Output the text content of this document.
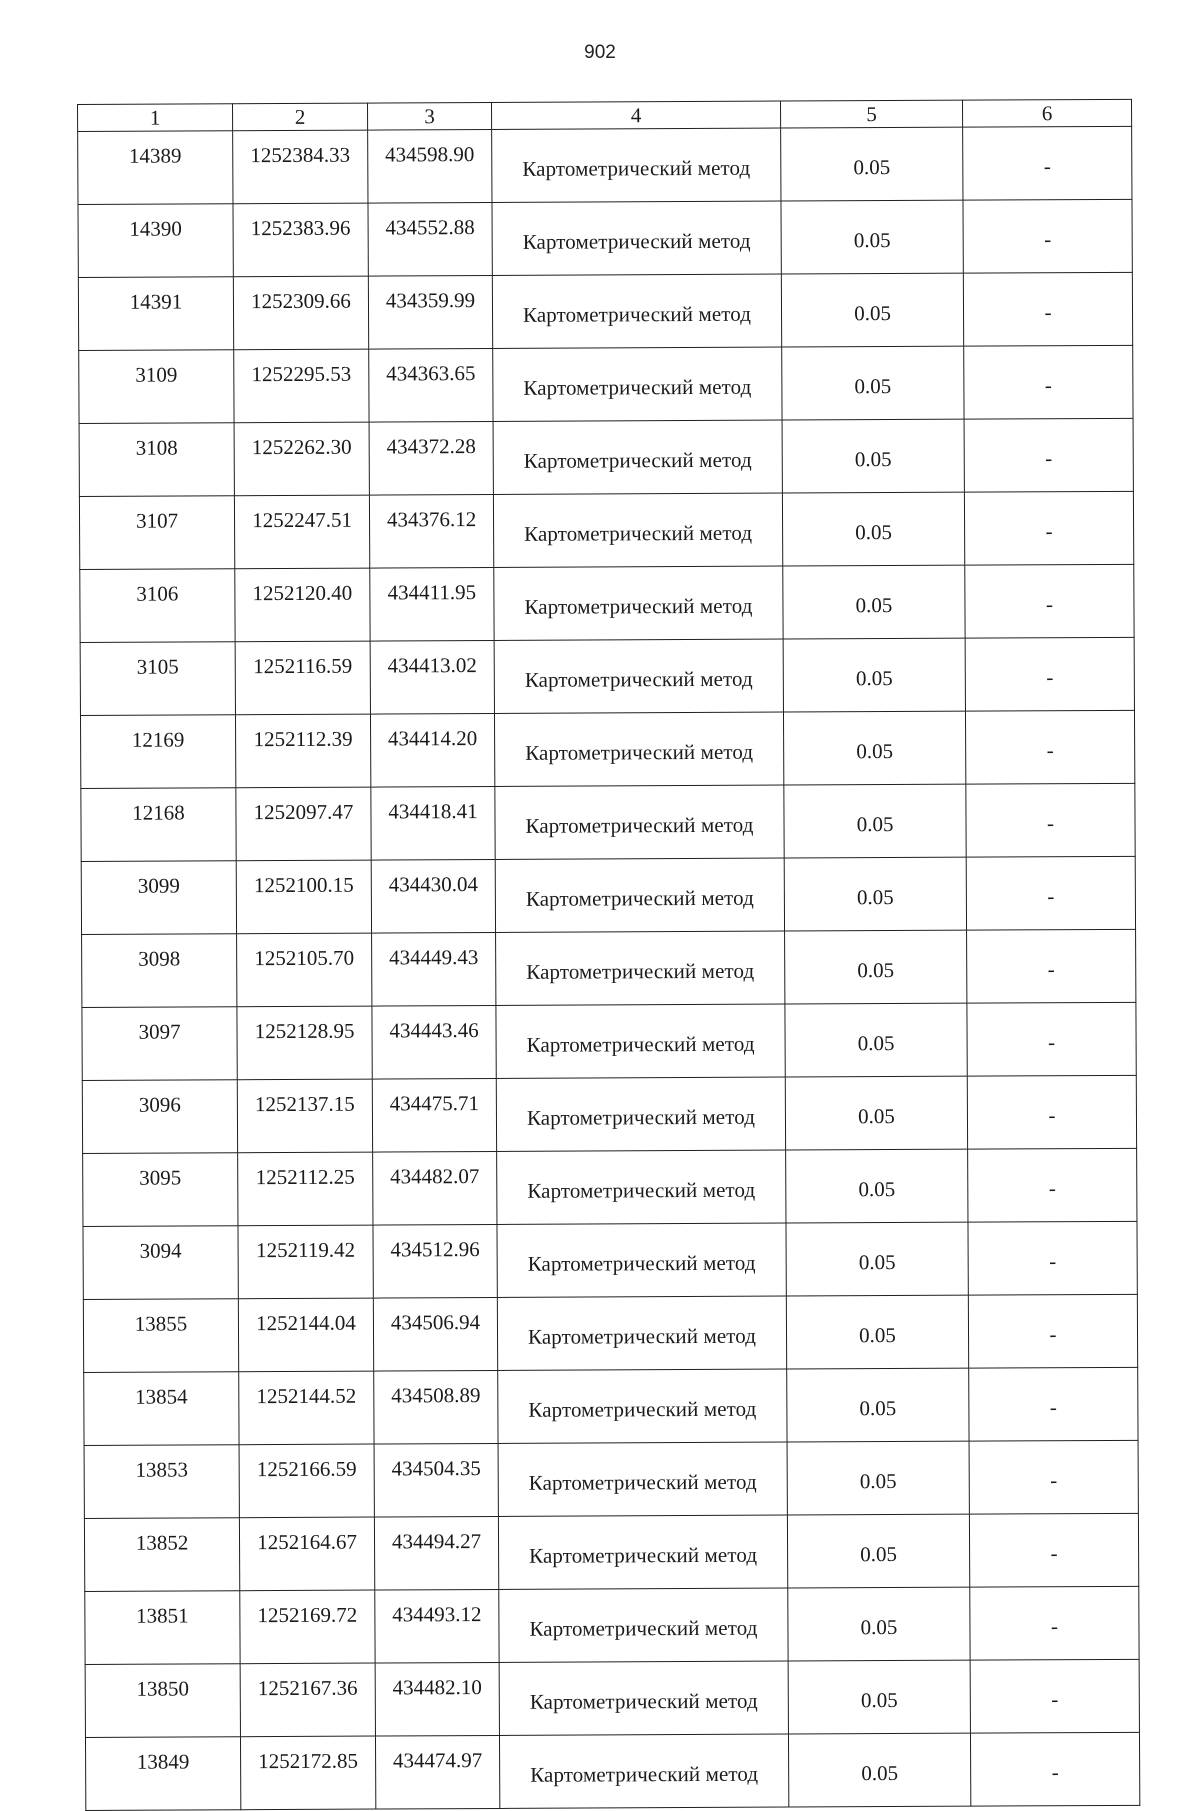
902
1	2	3	4	5	6
14389	1252384.33	434598.90	Картометрический метод	0.05	-
14390	1252383.96	434552.88	Картометрический метод	0.05	-
14391	1252309.66	434359.99	Картометрический метод	0.05	-
3109	1252295.53	434363.65	Картометрический метод	0.05	-
3108	1252262.30	434372.28	Картометрический метод	0.05	-
3107	1252247.51	434376.12	Картометрический метод	0.05	-
3106	1252120.40	434411.95	Картометрический метод	0.05	-
3105	1252116.59	434413.02	Картометрический метод	0.05	-
12169	1252112.39	434414.20	Картометрический метод	0.05	-
12168	1252097.47	434418.41	Картометрический метод	0.05	-
3099	1252100.15	434430.04	Картометрический метод	0.05	-
3098	1252105.70	434449.43	Картометрический метод	0.05	-
3097	1252128.95	434443.46	Картометрический метод	0.05	-
3096	1252137.15	434475.71	Картометрический метод	0.05	-
3095	1252112.25	434482.07	Картометрический метод	0.05	-
3094	1252119.42	434512.96	Картометрический метод	0.05	-
13855	1252144.04	434506.94	Картометрический метод	0.05	-
13854	1252144.52	434508.89	Картометрический метод	0.05	-
13853	1252166.59	434504.35	Картометрический метод	0.05	-
13852	1252164.67	434494.27	Картометрический метод	0.05	-
13851	1252169.72	434493.12	Картометрический метод	0.05	-
13850	1252167.36	434482.10	Картометрический метод	0.05	-
13849	1252172.85	434474.97	Картометрический метод	0.05	-
